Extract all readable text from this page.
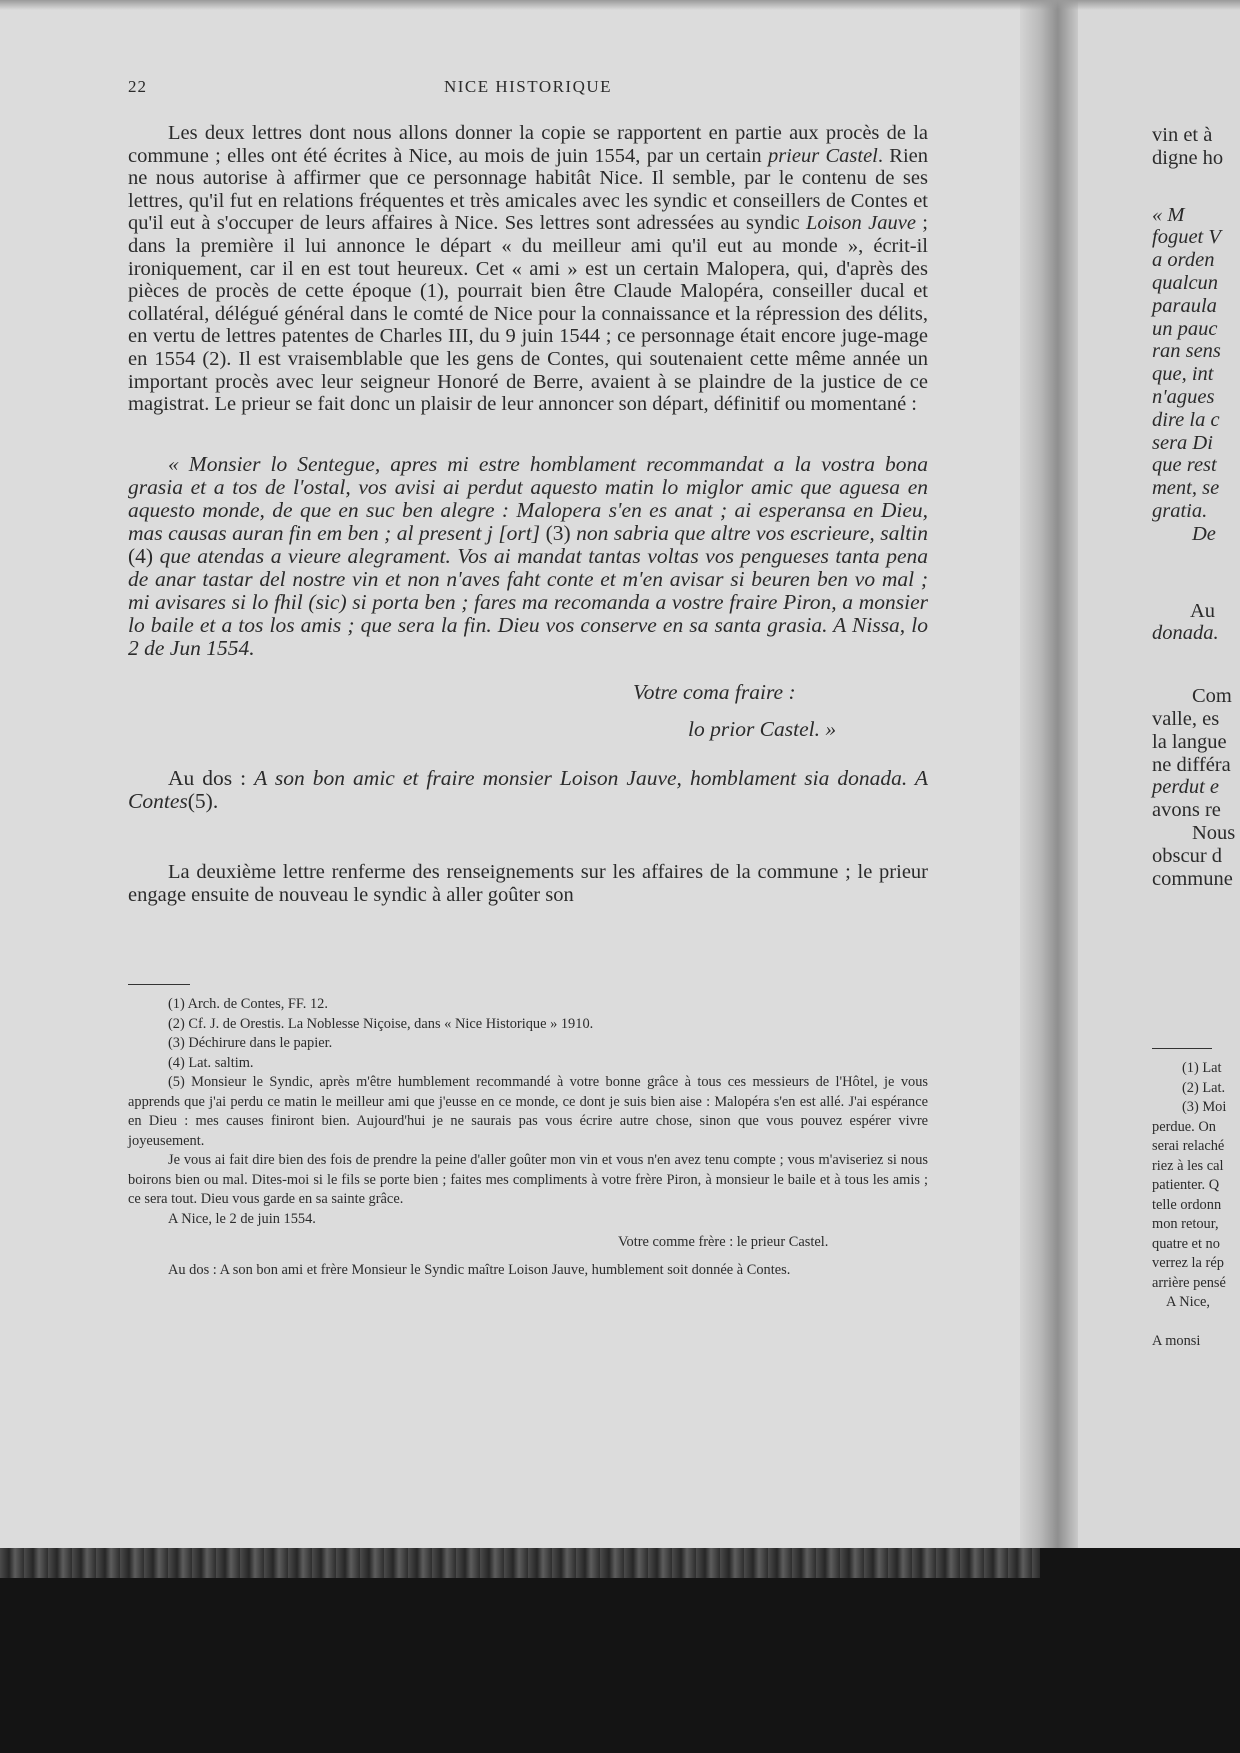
22	NICE HISTORIQUE

Les deux lettres dont nous allons donner la copie se rapportent en partie aux procès de la commune ; elles ont été écrites à Nice, au mois de juin 1554, par un certain prieur Castel. Rien ne nous autorise à affirmer que ce personnage habitât Nice. Il semble, par le contenu de ses lettres, qu'il fut en relations fréquentes et très amicales avec les syndic et conseillers de Contes et qu'il eut à s'occuper de leurs affaires à Nice. Ses lettres sont adressées au syndic Loison Jauve ; dans la première il lui annonce le départ « du meilleur ami qu'il eut au monde », écrit-il ironiquement, car il en est tout heureux. Cet « ami » est un certain Malopera, qui, d'après des pièces de procès de cette époque (1), pourrait bien être Claude Malopéra, conseiller ducal et collatéral, délégué général dans le comté de Nice pour la connaissance et la répression des délits, en vertu de lettres patentes de Charles III, du 9 juin 1544 ; ce personnage était encore juge-mage en 1554 (2). Il est vraisemblable que les gens de Contes, qui soutenaient cette même année un important procès avec leur seigneur Honoré de Berre, avaient à se plaindre de la justice de ce magistrat. Le prieur se fait donc un plaisir de leur annoncer son départ, définitif ou momentané :

« Monsier lo Sentegue, apres mi estre homblament recommandat a la vostra bona grasia et a tos de l'ostal, vos avisi ai perdut aquesto matin lo miglor amic que aguesa en aquesto monde, de que en suc ben alegre : Malopera s'en es anat ; ai esperansa en Dieu, mas causas auran fin em ben ; al present j [ort] (3) non sabria que altre vos escrieure, saltin (4) que atendas a vieure alegrament. Vos ai mandat tantas voltas vos pengueses tanta pena de anar tastar del nostre vin et non n'aves faht conte et m'en avisar si beuren ben vo mal ; mi avisares si lo fhil (sic) si porta ben ; fares ma recomanda a vostre fraire Piron, a monsier lo baile et a tos los amis ; que sera la fin. Dieu vos conserve en sa santa grasia. A Nissa, lo 2 de Jun 1554.

Votre coma fraire :
lo prior Castel. »

Au dos : A son bon amic et fraire monsier Loison Jauve, homblament sia donada. A Contes(5).

La deuxième lettre renferme des renseignements sur les affaires de la commune ; le prieur engage ensuite de nouveau le syndic à aller goûter son

(1) Arch. de Contes, FF. 12.

(2) Cf. J. de Orestis. La Noblesse Niçoise, dans « Nice Historique » 1910.

(3) Déchirure dans le papier.

(4) Lat. saltim.

(5) Monsieur le Syndic, après m'être humblement recommandé à votre bonne grâce à tous ces messieurs de l'Hôtel, je vous apprends que j'ai perdu ce matin le meilleur ami que j'eusse en ce monde, ce dont je suis bien aise : Malopéra s'en est allé. J'ai espérance en Dieu : mes causes finiront bien. Aujourd'hui je ne saurais pas vous écrire autre chose, sinon que vous pouvez espérer vivre joyeusement.

Je vous ai fait dire bien des fois de prendre la peine d'aller goûter mon vin et vous n'en avez tenu compte ; vous m'aviseriez si nous boirons bien ou mal. Dites-moi si le fils se porte bien ; faites mes compliments à votre frère Piron, à monsieur le baile et à tous les amis ; ce sera tout. Dieu vous garde en sa sainte grâce.

A Nice, le 2 de juin 1554.

Votre comme frère : le prieur Castel.

Au dos : A son bon ami et frère Monsieur le Syndic maître Loison Jauve, humblement soit donnée à Contes.

vin et à

digne ho

« M

foguet V

a orden

qualcun

paraula

un pauc

ran sens

que, int

n'agues

dire la c

sera Di

que rest

ment, se

gratia.

De

Au

donada.

Com

valle, es

la langue

ne différa

perdut e

avons re

Nous

obscur d

commune

(1) Lat
(2) Lat.
(3) Moi
perdue. On
serai relaché
riez à les cal
patienter. Q
telle ordonn
mon retour,
quatre et no
verrez la rép
arrière pensé
A Nice,
A monsi
